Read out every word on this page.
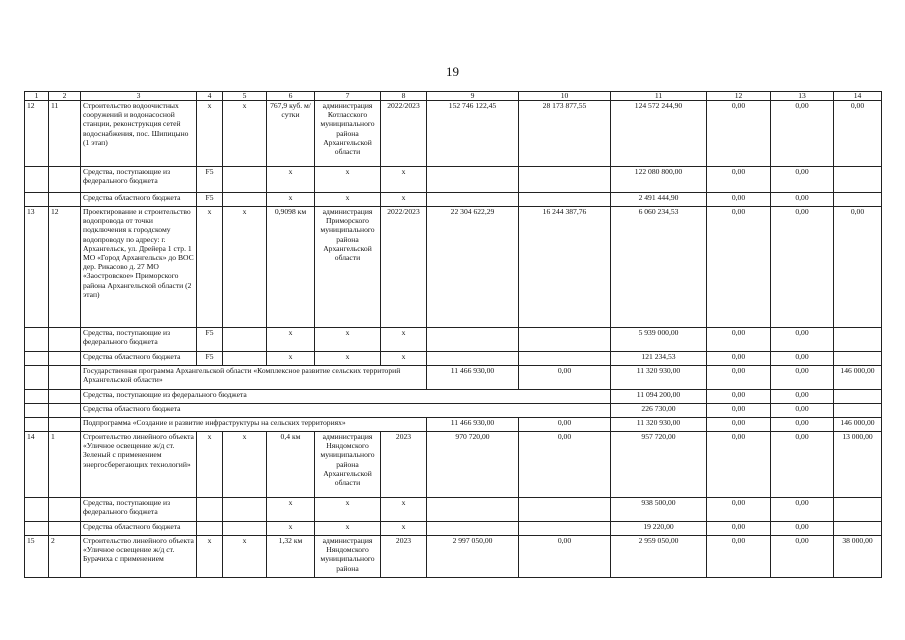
19
1	2	3	4	5	6	7	8	9	10	11	12	13	14
12	11	Строительство водоочистных сооружений и водонасосной станции, реконструкция сетей водоснабжения, пос. Шипицыно (1 этап)	х	х	767,9 куб. м/ сутки	администрация Котласского муниципального района Архангельской области	2022/2023	152 746 122,45	28 173 877,55	124 572 244,90	0,00	0,00	0,00
		Средства, поступающие из федерального бюджета	F5		х	х	х			122 080 800,00	0,00	0,00	
		Средства областного бюджета	F5		х	х	х			2 491 444,90	0,00	0,00	
13	12	Проектирование и строительство водопровода от точки подключения к городскому водопроводу по адресу: г. Архангельск, ул. Дрейера 1 стр. 1 МО «Город Архангельск» до ВОС дер. Рикасово д. 27 МО «Заостровское» Приморского района Архангельской области (2 этап)	х	х	0,9098 км	администрация Приморского муниципального района Архангельской области	2022/2023	22 304 622,29	16 244 387,76	6 060 234,53	0,00	0,00	0,00
		Средства, поступающие из федерального бюджета	F5		х	х	х			5 939 000,00	0,00	0,00	
		Средства областного бюджета	F5		х	х	х			121 234,53	0,00	0,00	
		Государственная программа Архангельской области «Комплексное развитие сельских территорий Архангельской области»						11 466 930,00	0,00	11 320 930,00	0,00	0,00	146 000,00
		Средства, поступающие из федерального бюджета								11 094 200,00	0,00	0,00	
		Средства областного бюджета								226 730,00	0,00	0,00	
		Подпрограмма «Создание и развитие инфраструктуры на сельских территориях»						11 466 930,00	0,00	11 320 930,00	0,00	0,00	146 000,00
14	1	Строительство линейного объекта «Уличное освещение ж/д ст. Зеленый с применением энергосберегающих технологий»	х	х	0,4 км	администрация Няндомского муниципального района Архангельской области	2023	970 720,00	0,00	957 720,00	0,00	0,00	13 000,00
		Средства, поступающие из федерального бюджета			х	х	х			938 500,00	0,00	0,00	
		Средства областного бюджета			х	х	х			19 220,00	0,00	0,00	
15	2	Строительство линейного объекта «Уличное освещение ж/д ст. Бурачиха с применением	х	х	1,32 км	администрация Няндомского муниципального района	2023	2 997 050,00	0,00	2 959 050,00	0,00	0,00	38 000,00
